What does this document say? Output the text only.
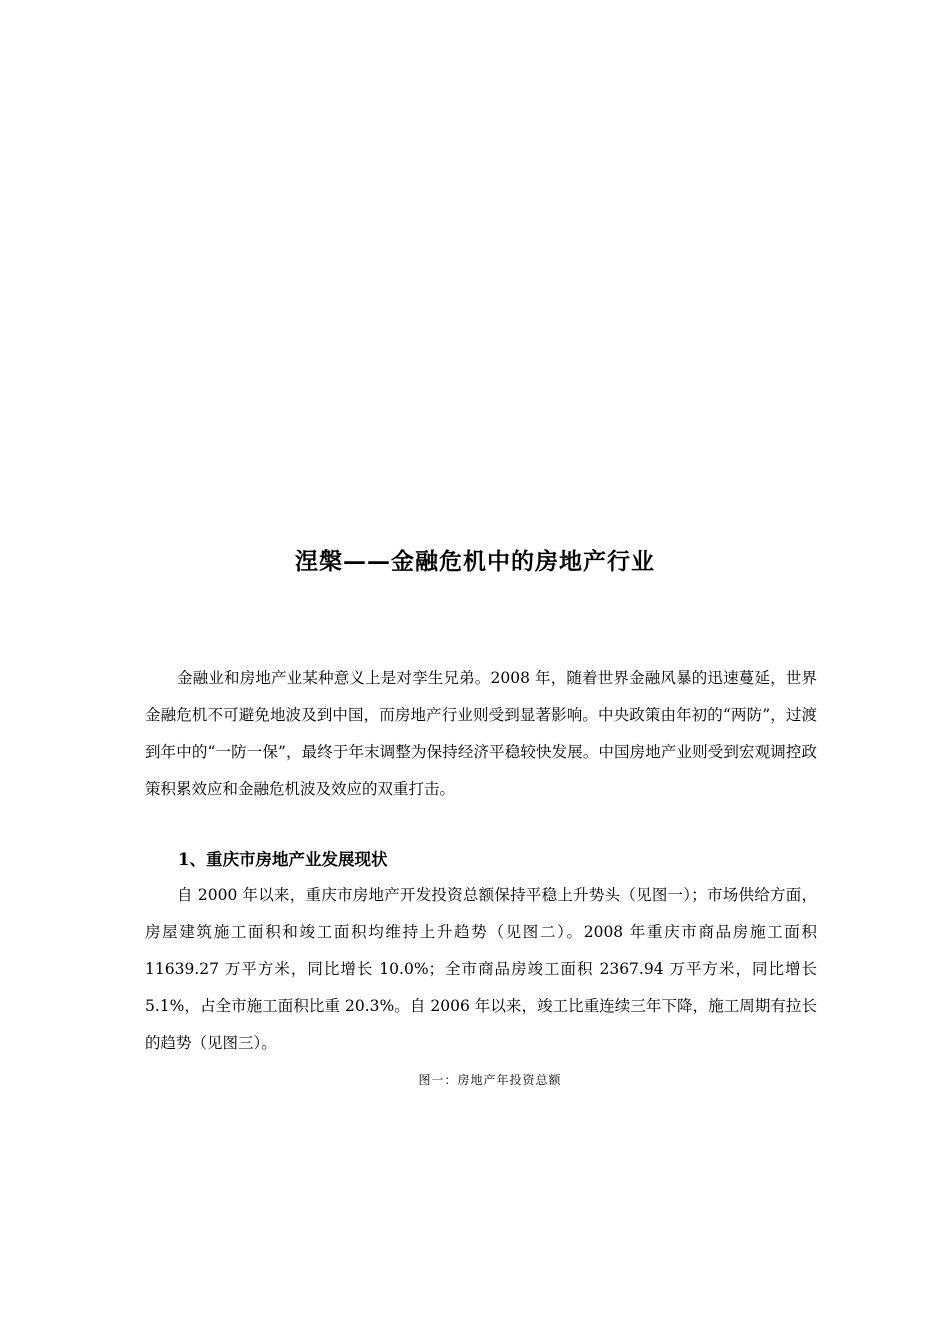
涅槃——金融危机中的房地产行业

金融业和房地产业某种意义上是对孪生兄弟。2008 年，随着世界金融风暴的迅速蔓延，世界金融危机不可避免地波及到中国，而房地产行业则受到显著影响。中央政策由年初的“两防”，过渡到年中的“一防一保”，最终于年末调整为保持经济平稳较快发展。中国房地产业则受到宏观调控政策积累效应和金融危机波及效应的双重打击。

1、重庆市房地产业发展现状

自 2000 年以来，重庆市房地产开发投资总额保持平稳上升势头（见图一）；市场供给方面，房屋建筑施工面积和竣工面积均维持上升趋势（见图二）。2008 年重庆市商品房施工面积 11639.27 万平方米，同比增长 10.0%；全市商品房竣工面积 2367.94 万平方米，同比增长 5.1%，占全市施工面积比重 20.3%。自 2006 年以来，竣工比重连续三年下降，施工周期有拉长的趋势（见图三）。

图一：房地产年投资总额
